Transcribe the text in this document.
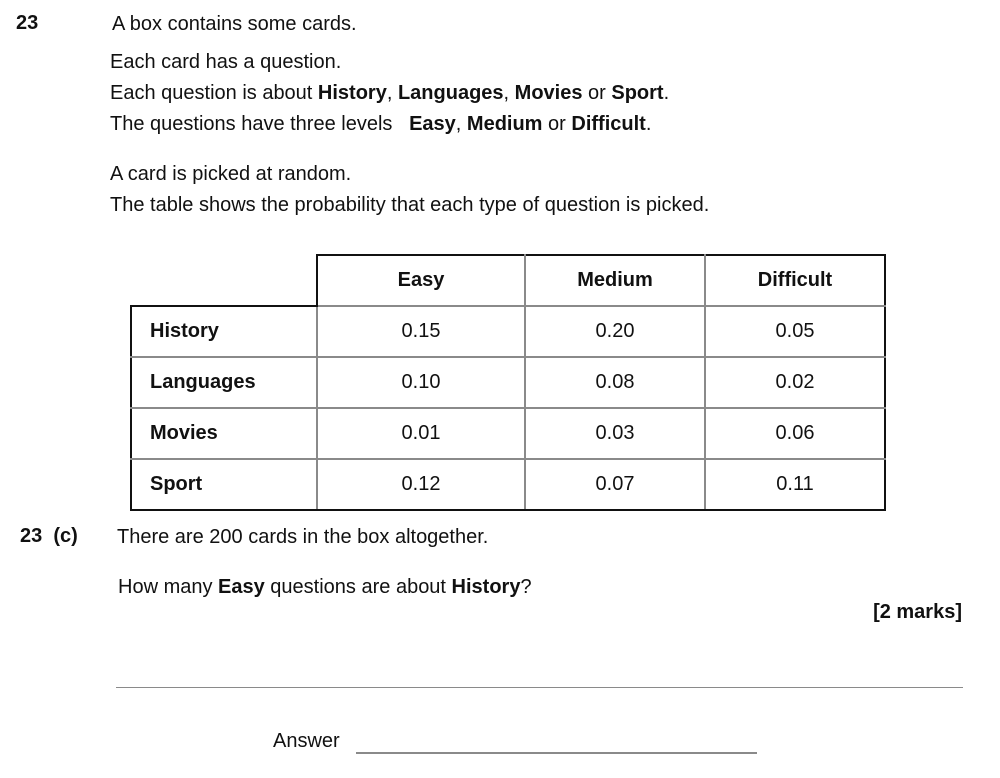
23	A box contains some cards.
Each card has a question.
Each question is about History, Languages, Movies or Sport.
The questions have three levels   Easy, Medium or Difficult.
A card is picked at random.
The table shows the probability that each type of question is picked.
	Easy	Medium	Difficult
History	0.15	0.20	0.05
Languages	0.10	0.08	0.02
Movies	0.01	0.03	0.06
Sport	0.12	0.07	0.11
23  (c) There are 200 cards in the box altogether.
How many Easy questions are about History?
[2 marks]
Answer
